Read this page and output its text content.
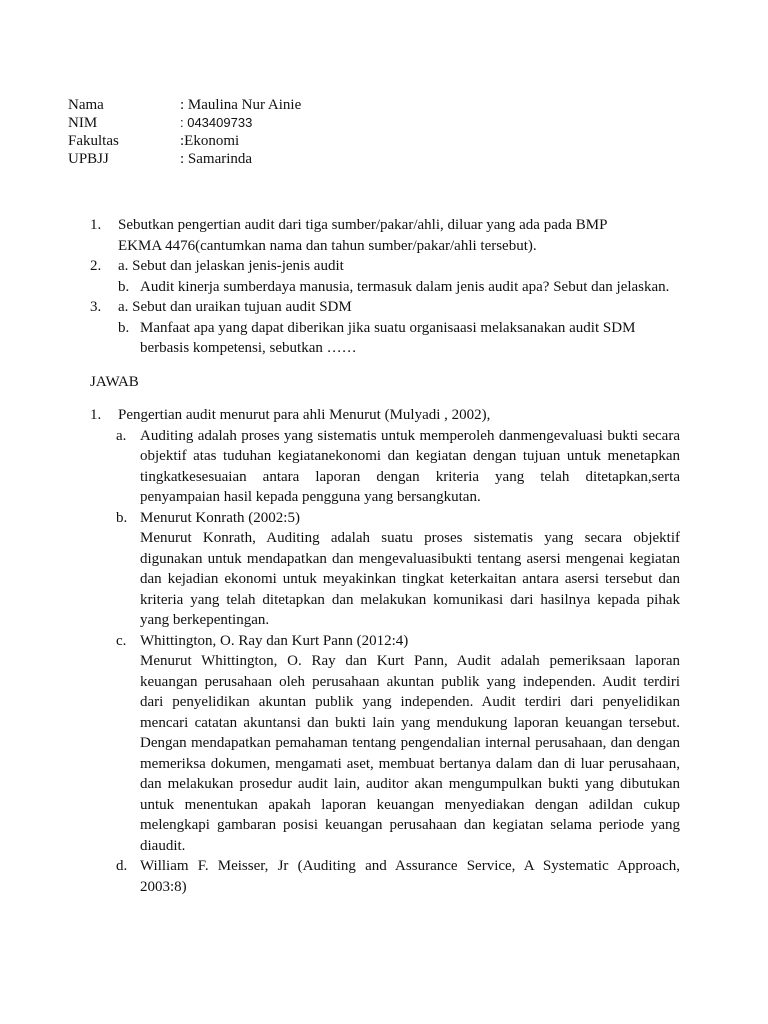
Nama	: Maulina Nur Ainie
NIM	: 043409733
Fakultas	:Ekonomi
UPBJJ	: Samarinda
1. Sebutkan pengertian audit dari tiga sumber/pakar/ahli, diluar yang ada pada BMP
EKMA 4476(cantumkan nama dan tahun sumber/pakar/ahli tersebut).
2. a. Sebut dan jelaskan jenis-jenis audit
b. Audit kinerja sumberdaya manusia, termasuk dalam jenis audit apa? Sebut dan jelaskan.
3. a. Sebut dan uraikan tujuan audit SDM
b. Manfaat apa yang dapat diberikan jika suatu organisaasi melaksanakan audit SDM
berbasis kompetensi, sebutkan ……
JAWAB
1. Pengertian audit menurut para ahli Menurut (Mulyadi , 2002),
a. Auditing adalah proses yang sistematis untuk memperoleh danmengevaluasi bukti secara
objektif atas tuduhan kegiatanekonomi dan kegiatan dengan tujuan untuk menetapkan
tingkatkesesuaian antara laporan dengan kriteria yang telah ditetapkan,serta
penyampaian hasil kepada pengguna yang bersangkutan.
b. Menurut Konrath (2002:5)
Menurut Konrath, Auditing adalah suatu proses sistematis yang secara objektif
digunakan untuk mendapatkan dan mengevaluasibukti tentang asersi mengenai kegiatan
dan kejadian ekonomi untuk meyakinkan tingkat keterkaitan antara asersi tersebut dan
kriteria yang telah ditetapkan dan melakukan komunikasi dari hasilnya kepada pihak
yang berkepentingan.
c. Whittington, O. Ray dan Kurt Pann (2012:4)
Menurut Whittington, O. Ray dan Kurt Pann, Audit adalah pemeriksaan laporan
keuangan perusahaan oleh perusahaan akuntan publik yang independen. Audit terdiri
dari penyelidikan akuntan publik yang independen. Audit terdiri dari penyelidikan
mencari catatan akuntansi dan bukti lain yang mendukung laporan keuangan tersebut.
Dengan mendapatkan pemahaman tentang pengendalian internal perusahaan, dan dengan
memeriksa dokumen, mengamati aset, membuat bertanya dalam dan di luar perusahaan,
dan melakukan prosedur audit lain, auditor akan mengumpulkan bukti yang dibutukan
untuk menentukan apakah laporan keuangan menyediakan dengan adildan cukup
melengkapi gambaran posisi keuangan perusahaan dan kegiatan selama periode yang
diaudit.
d. William F. Meisser, Jr (Auditing and Assurance Service, A Systematic Approach,
2003:8)
